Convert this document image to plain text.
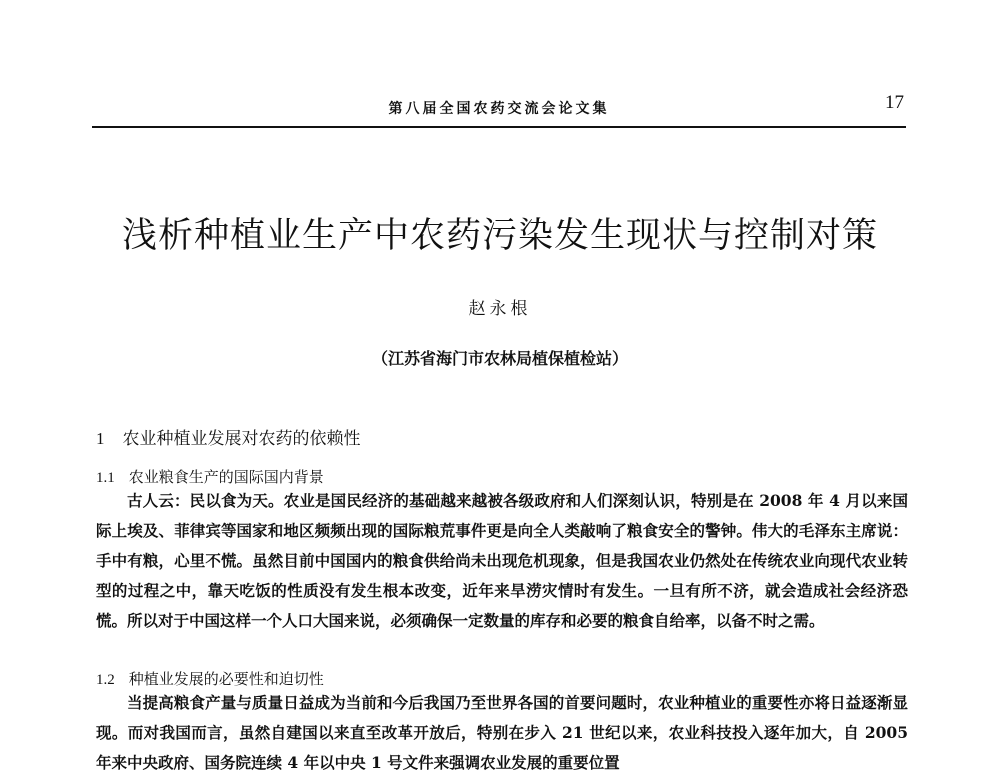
第八届全国农药交流会论文集	17
浅析种植业生产中农药污染发生现状与控制对策
赵永根
（江苏省海门市农林局植保植检站）
1 农业种植业发展对农药的依赖性
1.1 农业粮食生产的国际国内背景

古人云：民以食为天。农业是国民经济的基础越来越被各级政府和人们深刻认识，特别是在 2008 年 4 月以来国际上埃及、菲律宾等国家和地区频频出现的国际粮荒事件更是向全人类敲响了粮食安全的警钟。伟大的毛泽东主席说：手中有粮，心里不慌。虽然目前中国国内的粮食供给尚未出现危机现象，但是我国农业仍然处在传统农业向现代农业转型的过程之中，靠天吃饭的性质没有发生根本改变，近年来旱涝灾情时有发生。一旦有所不济，就会造成社会经济恐慌。所以对于中国这样一个人口大国来说，必须确保一定数量的库存和必要的粮食自给率，以备不时之需。

1.2 种植业发展的必要性和迫切性

当提高粮食产量与质量日益成为当前和今后我国乃至世界各国的首要问题时，农业种植业的重要性亦将日益逐渐显现。而对我国而言，虽然自建国以来直至改革开放后，特别在步入 21 世纪以来，农业科技投入逐年加大，自 2005 年来中央政府、国务院连续 4 年以中央 1 号文件来强调农业发展的重要位置
